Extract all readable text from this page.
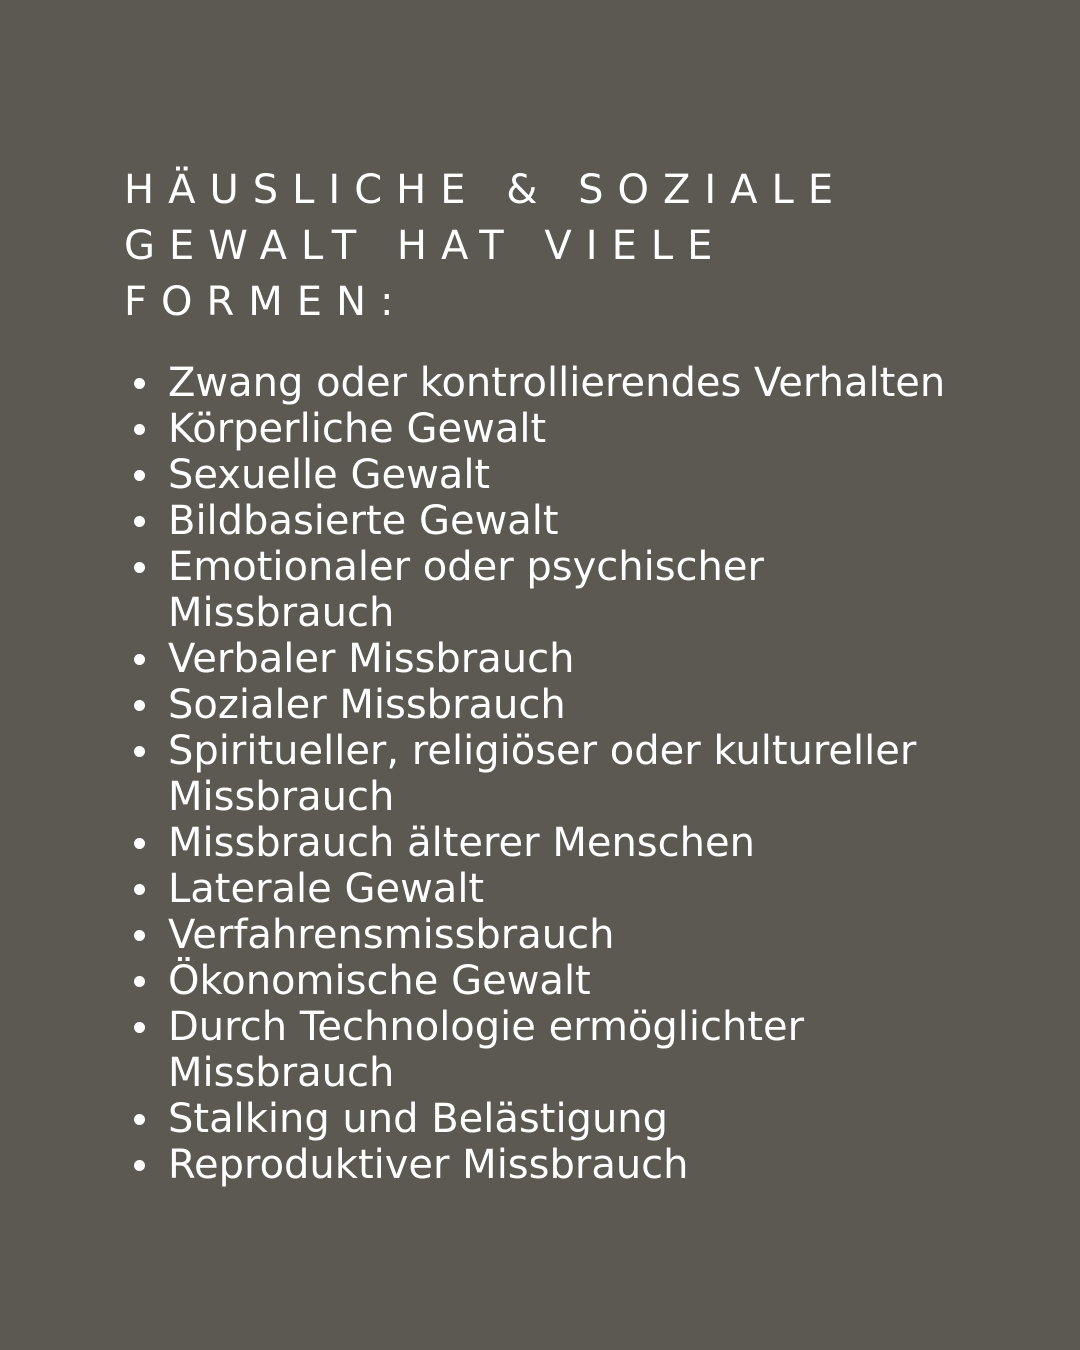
HÄUSLICHE & SOZIALE
GEWALT HAT VIELE
FORMEN:
Zwang oder kontrollierendes Verhalten
Körperliche Gewalt
Sexuelle Gewalt
Bildbasierte Gewalt
Emotionaler oder psychischer Missbrauch
Verbaler Missbrauch
Sozialer Missbrauch
Spiritueller, religiöser oder kultureller Missbrauch
Missbrauch älterer Menschen
Laterale Gewalt
Verfahrensmissbrauch
Ökonomische Gewalt
Durch Technologie ermöglichter Missbrauch
Stalking und Belästigung
Reproduktiver Missbrauch
